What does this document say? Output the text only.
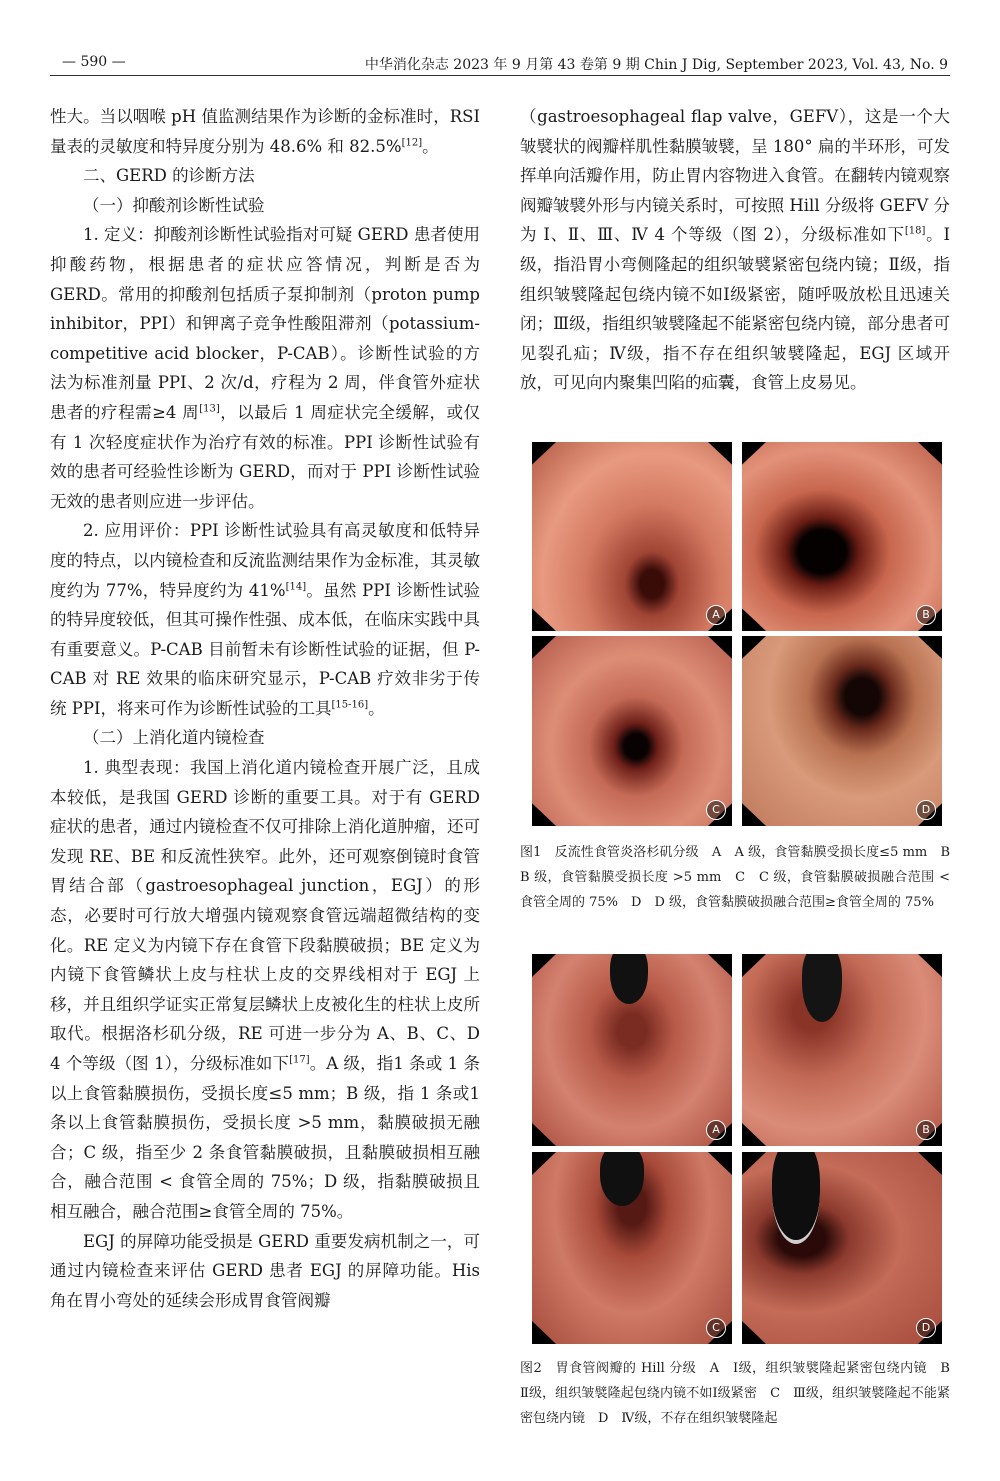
— 590 —	中华消化杂志 2023 年 9 月第 43 卷第 9 期 Chin J Dig, September 2023, Vol. 43, No. 9

性大。当以咽喉 pH 值监测结果作为诊断的金标准时，RSI 量表的灵敏度和特异度分别为 48.6% 和 82.5%[12]。

二、GERD 的诊断方法

（一）抑酸剂诊断性试验

1. 定义：抑酸剂诊断性试验指对可疑 GERD 患者使用抑酸药物，根据患者的症状应答情况，判断是否为 GERD。常用的抑酸剂包括质子泵抑制剂（proton pump inhibitor，PPI）和钾离子竞争性酸阻滞剂（potassium-competitive acid blocker，P-CAB）。诊断性试验的方法为标准剂量 PPI、2 次/d，疗程为 2 周，伴食管外症状患者的疗程需≥4 周[13]，以最后 1 周症状完全缓解，或仅有 1 次轻度症状作为治疗有效的标准。PPI 诊断性试验有效的患者可经验性诊断为 GERD，而对于 PPI 诊断性试验无效的患者则应进一步评估。

2. 应用评价：PPI 诊断性试验具有高灵敏度和低特异度的特点，以内镜检查和反流监测结果作为金标准，其灵敏度约为 77%，特异度约为 41%[14]。虽然 PPI 诊断性试验的特异度较低，但其可操作性强、成本低，在临床实践中具有重要意义。P-CAB 目前暂未有诊断性试验的证据，但 P-CAB 对 RE 效果的临床研究显示，P-CAB 疗效非劣于传统 PPI，将来可作为诊断性试验的工具[15-16]。

（二）上消化道内镜检查

1. 典型表现：我国上消化道内镜检查开展广泛，且成本较低，是我国 GERD 诊断的重要工具。对于有 GERD 症状的患者，通过内镜检查不仅可排除上消化道肿瘤，还可发现 RE、BE 和反流性狭窄。此外，还可观察倒镜时食管胃结合部（gastroesophageal junction，EGJ）的形态，必要时可行放大增强内镜观察食管远端超微结构的变化。RE 定义为内镜下存在食管下段黏膜破损；BE 定义为内镜下食管鳞状上皮与柱状上皮的交界线相对于 EGJ 上移，并且组织学证实正常复层鳞状上皮被化生的柱状上皮所取代。根据洛杉矶分级，RE 可进一步分为 A、B、C、D 4 个等级（图 1），分级标准如下[17]。A 级，指1 条或 1 条以上食管黏膜损伤，受损长度≤5 mm；B 级，指 1 条或1 条以上食管黏膜损伤，受损长度 >5 mm，黏膜破损无融合；C 级，指至少 2 条食管黏膜破损，且黏膜破损相互融合，融合范围 < 食管全周的 75%；D 级，指黏膜破损且相互融合，融合范围≥食管全周的 75%。

EGJ 的屏障功能受损是 GERD 重要发病机制之一，可通过内镜检查来评估 GERD 患者 EGJ 的屏障功能。His 角在胃小弯处的延续会形成胃食管阀瓣

（gastroesophageal flap valve，GEFV），这是一个大皱襞状的阀瓣样肌性黏膜皱襞，呈 180° 扁的半环形，可发挥单向活瓣作用，防止胃内容物进入食管。在翻转内镜观察阀瓣皱襞外形与内镜关系时，可按照 Hill 分级将 GEFV 分为 Ⅰ、Ⅱ、Ⅲ、Ⅳ 4 个等级（图 2），分级标准如下[18]。Ⅰ级，指沿胃小弯侧隆起的组织皱襞紧密包绕内镜；Ⅱ级，指组织皱襞隆起包绕内镜不如Ⅰ级紧密，随呼吸放松且迅速关闭；Ⅲ级，指组织皱襞隆起不能紧密包绕内镜，部分患者可见裂孔疝；Ⅳ级，指不存在组织皱襞隆起，EGJ 区域开放，可见向内聚集凹陷的疝囊，食管上皮易见。

A	B
C	D
图1　反流性食管炎洛杉矶分级　A　A 级，食管黏膜受损长度≤5 mm　B　B 级，食管黏膜受损长度 >5 mm　C　C 级，食管黏膜破损融合范围 < 食管全周的 75%　D　D 级，食管黏膜破损融合范围≥食管全周的 75%
A	B
C	D
图2　胃食管阀瓣的 Hill 分级　A　Ⅰ级，组织皱襞隆起紧密包绕内镜　B　Ⅱ级，组织皱襞隆起包绕内镜不如Ⅰ级紧密　C　Ⅲ级，组织皱襞隆起不能紧密包绕内镜　D　Ⅳ级，不存在组织皱襞隆起
